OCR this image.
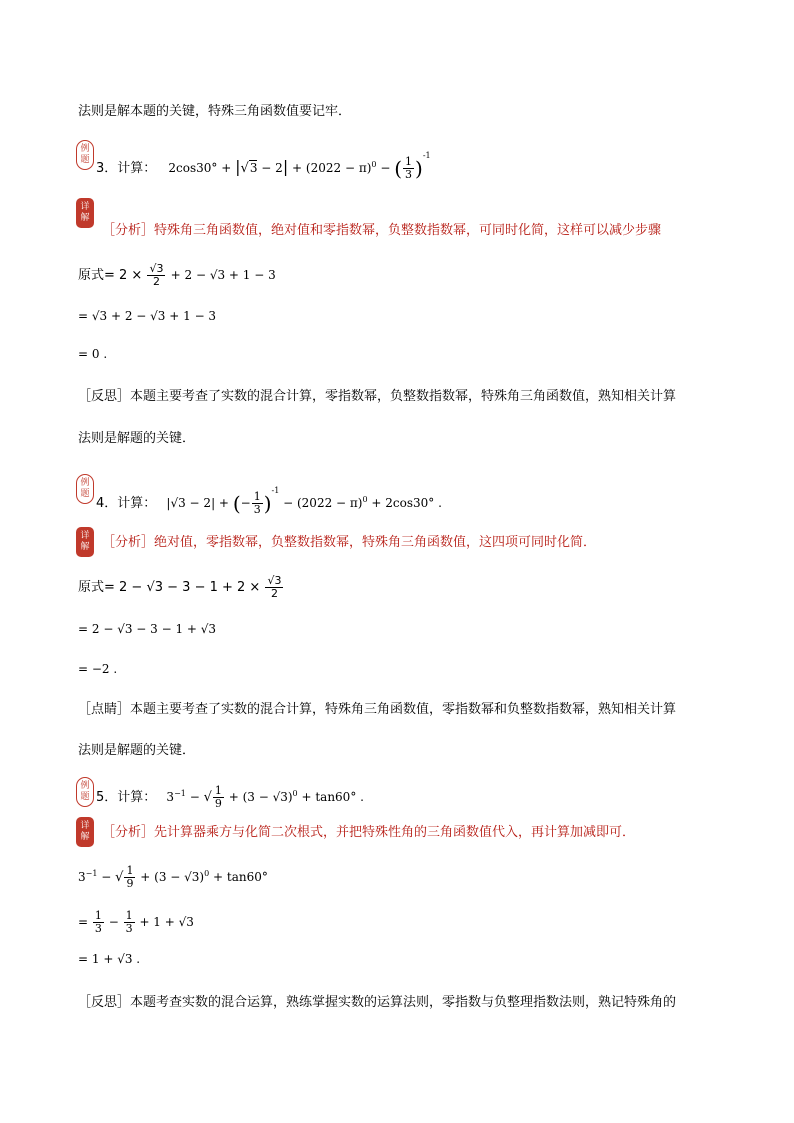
法则是解本题的关键，特殊三角函数值要记牢．
例
题
3．计算： $2\cos 30^\circ + |√3 - 2| + (2022 - \pi)^0$ − ( $\frac{1}{3} )^{-1}$
详
解
［分析］特殊角三角函数值，绝对值和零指数幂，负整数指数幂，可同时化简，这样可以减少步骤
原式= $2 \times \frac{√3}{2} + 2 - √3 + 1 - 3$
= √3 + 2 − √3 + 1 − 3
= 0 .
［反思］本题主要考查了实数的混合计算，零指数幂，负整数指数幂，特殊角三角函数值，熟知相关计算
法则是解题的关键．
例
题
4．计算： |√3 − 2| + (− $\frac{1}{3} )^{-1} - (2022 - \pi)^0 + 2\cos 30^\circ$ .
详
解 ［分析］绝对值，零指数幂，负整数指数幂，特殊角三角函数值，这四项可同时化简．
原式= $2 - √3 - 3 - 1 + 2 \times \frac{√3}{2}$
= 2 − √3 − 3 − 1 + √3
= −2 .
［点睛］本题主要考查了实数的混合计算，特殊角三角函数值，零指数幂和负整数指数幂，熟知相关计算
法则是解题的关键．
例
题 5．计算： $3^{-1}$ − √ $\frac{1}{9} + (3 - √3)^0 + \tan 60^\circ$ .
详
解 ［分析］先计算器乘方与化简二次根式，并把特殊性角的三角函数值代入，再计算加减即可．
$3^{-1}$ − √ $\frac{1}{9} + (3 - √3)^0 + \tan 60^\circ$
= $\frac{1}{3} - \frac{1}{3} + 1 + √3$
= 1 + √3 .
［反思］本题考查实数的混合运算，熟练掌握实数的运算法则，零指数与负整理指数法则，熟记特殊角的
